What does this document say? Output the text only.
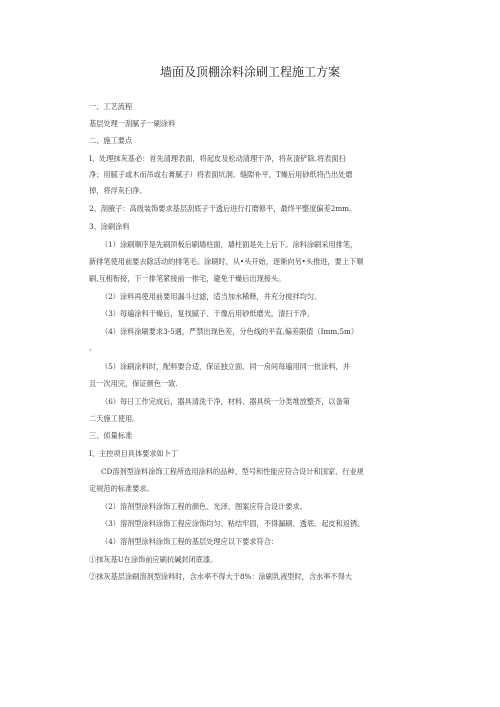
墙面及顶棚涂料涂刷工程施工方案
一、工艺流程
基层处理一刮腻子一刷涂料
二、施工要点
I、处理抹灰基必：首先清理表面，将起皮及松动清理干净，将灰渣铲除.将表面扫
净；用腻子或木而吊或右膏腻子）将表面坑洞、缝隙补平，T燥后用砂纸将凸出处磨
掉，将浮灰扫净。
2、刮腋子：高级装饰要求基层刮底子干透后进行打磨修平，最终平整度偏差2mm。
3、涂刷涂料
（1）涂刷顺序是先刷顶板后刷墙柱面，墙柱面是先上后下。涂料涂刷采用排笔，
新排笔使用前要去除活动的排笔毛。涂刷时，从•头开始，逐渐向另•头推进，要上下顺
刷,互相衔接，下一排笔紧接前一排宅，避免干燥后出现接头。
（2）涂料再使用前要用漏斗过滤，适当加水稀释，并充分搅拌均匀。
（3）每遍涂料干燥后，复找腻子、干像后用砂纸磨光，清扫干净。
（4）涂料涂刷要求3-5遇，严禁出现色差，分色线的平直,偏差限值（Imm,5m）
。
（5）涂刷涂料时，配料要合适，保证独立面、同一房间每遍用同一批涂料，并
且一次用完，保证颜色一致.
（6）每日工作完成后，器具清洗干净，材料、器具统一分类堆放整齐，以备第
二天施工使用。
三、侦量标准
I、主控项目具体要求如卜丁
CD溶剂型涂料涂饰工程所选用涂料的品种、型号和性能应符合设计和国家、行业规
定规范的标准要求。
（2）溶剂型涂料涂饰工程的颜色、光泽、图案应符合设计要求。
（3）溶剂型涂料涂饰工程应涂饰均匀、粘结牢固，不得漏刷、透底、起皮和返锈。
（4）溶剂型涂料涂饰工程的基层处理应以下要求符合：
①抹灰基U在涂饰前应刷抗碱封闭底漆。
②抹灰基层涂刷溶剂型涂料时，含水率不得大于8%：涂刷乳液型时，含水率不得大
